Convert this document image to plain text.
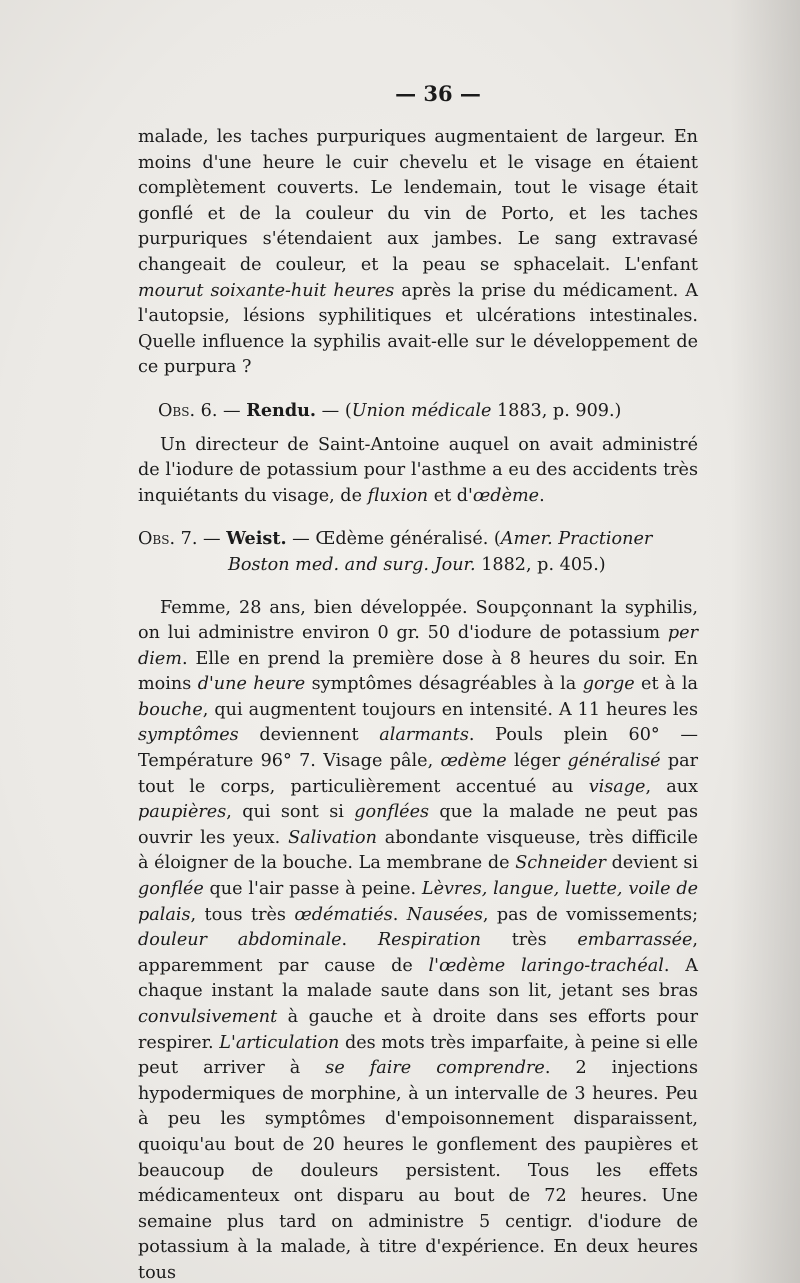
— 36 —

malade, les taches purpuriques augmentaient de largeur. En moins d'une heure le cuir chevelu et le visage en étaient complètement couverts. Le lendemain, tout le visage était gonflé et de la couleur du vin de Porto, et les taches purpuriques s'étendaient aux jambes. Le sang extravasé changeait de couleur, et la peau se sphacelait. L'enfant mourut soixante-huit heures après la prise du médicament. A l'autopsie, lésions syphilitiques et ulcérations intestinales. Quelle influence la syphilis avait-elle sur le développement de ce purpura ?

Obs. 6. — Rendu. — (Union médicale 1883, p. 909.)

Un directeur de Saint-Antoine auquel on avait administré de l'iodure de potassium pour l'asthme a eu des accidents très inquiétants du visage, de fluxion et d'œdème.

Obs. 7. — Weist. — Œdème généralisé. (Amer. Practioner
Boston med. and surg. Jour. 1882, p. 405.)

Femme, 28 ans, bien développée. Soupçonnant la syphilis, on lui administre environ 0 gr. 50 d'iodure de potassium per diem. Elle en prend la première dose à 8 heures du soir. En moins d'une heure symptômes désagréables à la gorge et à la bouche, qui augmentent toujours en intensité. A 11 heures les symptômes deviennent alarmants. Pouls plein 60° — Température 96° 7. Visage pâle, œdème léger généralisé par tout le corps, particulièrement accentué au visage, aux paupières, qui sont si gonflées que la malade ne peut pas ouvrir les yeux. Salivation abondante visqueuse, très difficile à éloigner de la bouche. La membrane de Schneider devient si gonflée que l'air passe à peine. Lèvres, langue, luette, voile de palais, tous très œdématiés. Nausées, pas de vomissements; douleur abdominale. Respiration très embarrassée, apparemment par cause de l'œdème laringo-trachéal. A chaque instant la malade saute dans son lit, jetant ses bras convulsivement à gauche et à droite dans ses efforts pour respirer. L'articulation des mots très imparfaite, à peine si elle peut arriver à se faire comprendre. 2 injections hypodermiques de morphine, à un intervalle de 3 heures. Peu à peu les symptômes d'empoisonnement disparaissent, quoiqu'au bout de 20 heures le gonflement des paupières et beaucoup de douleurs persistent. Tous les effets médicamenteux ont disparu au bout de 72 heures. Une semaine plus tard on administre 5 centigr. d'iodure de potassium à la malade, à titre d'expérience. En deux heures tous
